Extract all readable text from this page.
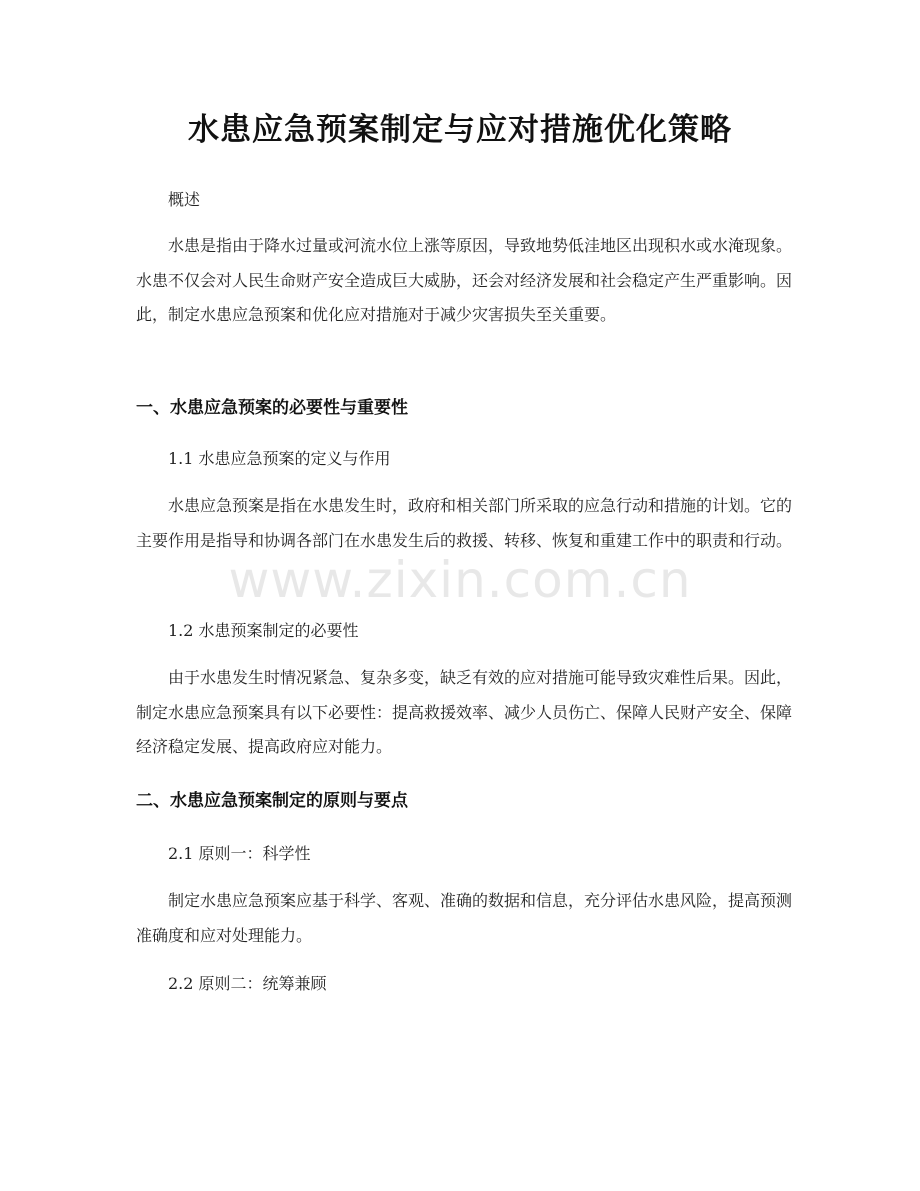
水患应急预案制定与应对措施优化策略
概述

水患是指由于降水过量或河流水位上涨等原因，导致地势低洼地区出现积水或水淹现象。水患不仅会对人民生命财产安全造成巨大威胁，还会对经济发展和社会稳定产生严重影响。因此，制定水患应急预案和优化应对措施对于减少灾害损失至关重要。

一、水患应急预案的必要性与重要性
1.1 水患应急预案的定义与作用

水患应急预案是指在水患发生时，政府和相关部门所采取的应急行动和措施的计划。它的主要作用是指导和协调各部门在水患发生后的救援、转移、恢复和重建工作中的职责和行动。

1.2 水患预案制定的必要性

由于水患发生时情况紧急、复杂多变，缺乏有效的应对措施可能导致灾难性后果。因此，制定水患应急预案具有以下必要性：提高救援效率、减少人员伤亡、保障人民财产安全、保障经济稳定发展、提高政府应对能力。

二、水患应急预案制定的原则与要点
2.1 原则一：科学性

制定水患应急预案应基于科学、客观、准确的数据和信息，充分评估水患风险，提高预测准确度和应对处理能力。

2.2 原则二：统筹兼顾
www.zixin.com.cn
